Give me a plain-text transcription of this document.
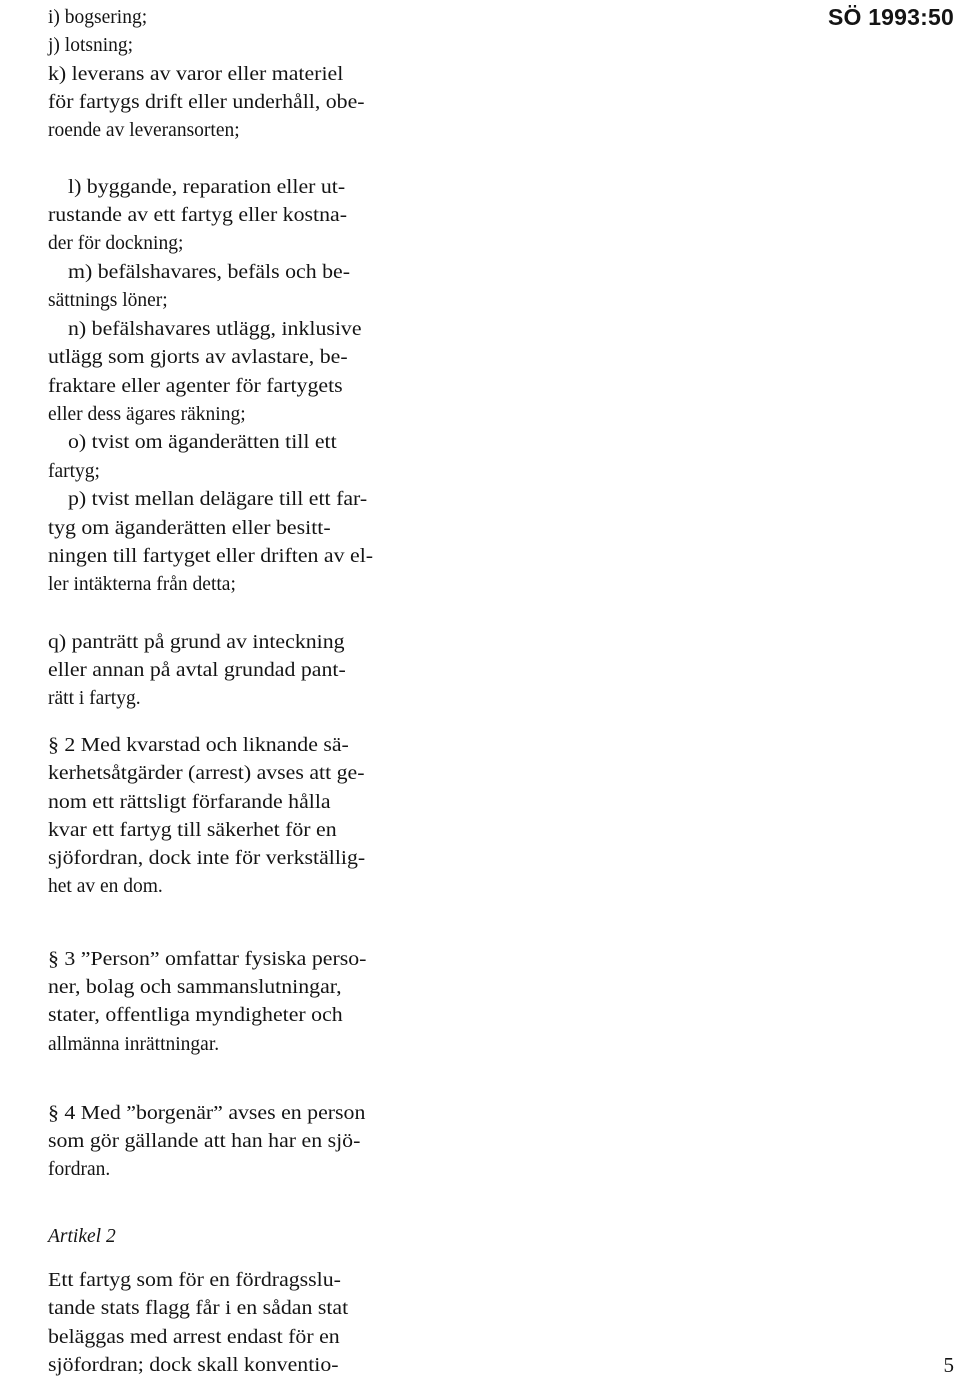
SÖ 1993:50
i) bogsering;
j) lotsning;
k) leverans av varor eller materiel
för fartygs drift eller underhåll, obe-
roende av leveransorten;
l) byggande, reparation eller ut-
rustande av ett fartyg eller kostna-
der för dockning;
m) befälshavares, befäls och be-
sättnings löner;
n) befälshavares utlägg, inklusive
utlägg som gjorts av avlastare, be-
fraktare eller agenter för fartygets
eller dess ägares räkning;
o) tvist om äganderätten till ett
fartyg;
p) tvist mellan delägare till ett far-
tyg om äganderätten eller besitt-
ningen till fartyget eller driften av el-
ler intäkterna från detta;
q) panträtt på grund av inteckning
eller annan på avtal grundad pant-
rätt i fartyg.
§ 2 Med kvarstad och liknande sä-
kerhetsåtgärder (arrest) avses att ge-
nom ett rättsligt förfarande hålla
kvar ett fartyg till säkerhet för en
sjöfordran, dock inte för verkställig-
het av en dom.
§ 3 ”Person” omfattar fysiska perso-
ner, bolag och sammanslutningar,
stater, offentliga myndigheter och
allmänna inrättningar.
§ 4 Med ”borgenär” avses en person
som gör gällande att han har en sjö-
fordran.
Artikel 2
Ett fartyg som för en fördragsslu-
tande stats flagg får i en sådan stat
beläggas med arrest endast för en
sjöfordran; dock skall konventio-	5
